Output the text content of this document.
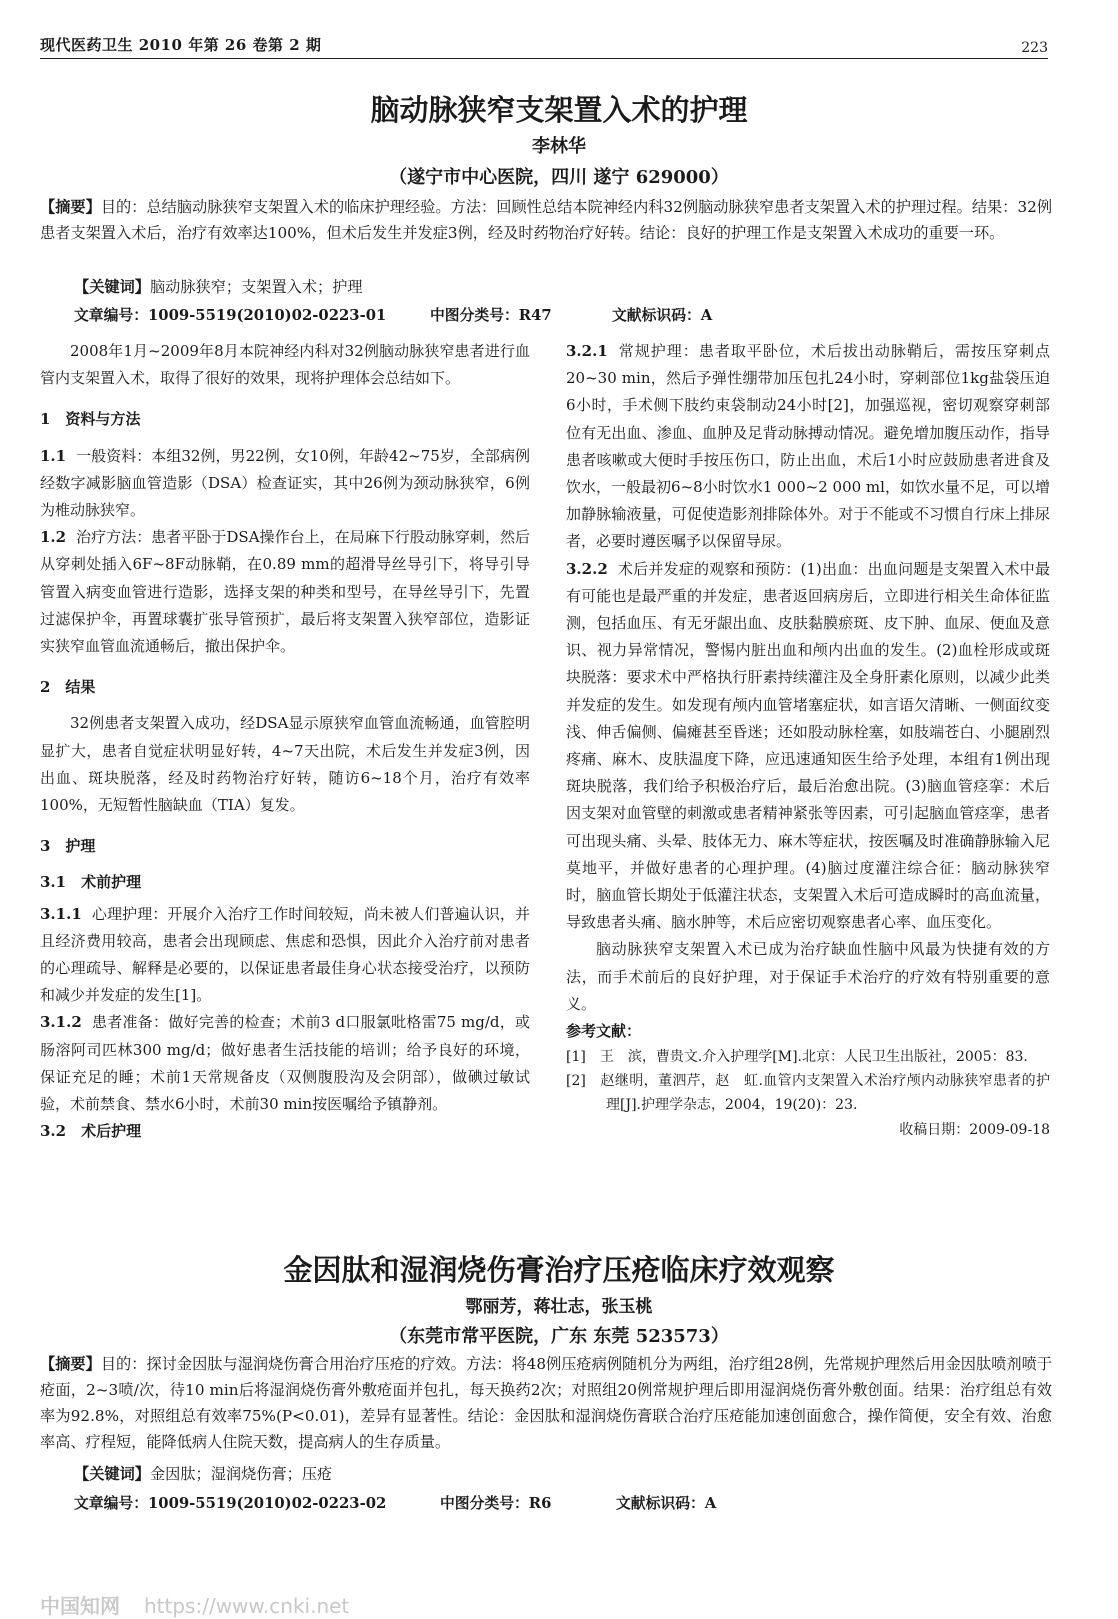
现代医药卫生 2010 年第 26 卷第 2 期	223
脑动脉狭窄支架置入术的护理
李林华
（遂宁市中心医院，四川 遂宁 629000）
【摘要】目的：总结脑动脉狭窄支架置入术的临床护理经验。方法：回顾性总结本院神经内科32例脑动脉狭窄患者支架置入术的护理过程。结果：32例患者支架置入术后，治疗有效率达100%，但术后发生并发症3例，经及时药物治疗好转。结论：良好的护理工作是支架置入术成功的重要一环。
【关键词】脑动脉狭窄；支架置入术；护理
文章编号：1009-5519(2010)02-0223-01	中图分类号：R47	文献标识码：A

2008年1月~2009年8月本院神经内科对32例脑动脉狭窄患者进行血管内支架置入术，取得了很好的效果，现将护理体会总结如下。

1　资料与方法

1.1 一般资料：本组32例，男22例，女10例，年龄42~75岁，全部病例经数字减影脑血管造影（DSA）检查证实，其中26例为颈动脉狭窄，6例为椎动脉狭窄。

1.2 治疗方法：患者平卧于DSA操作台上，在局麻下行股动脉穿刺，然后从穿刺处插入6F~8F动脉鞘，在0.89 mm的超滑导丝导引下，将导引导管置入病变血管进行造影，选择支架的种类和型号，在导丝导引下，先置过滤保护伞，再置球囊扩张导管预扩，最后将支架置入狭窄部位，造影证实狭窄血管血流通畅后，撤出保护伞。

2　结果

32例患者支架置入成功，经DSA显示原狭窄血管血流畅通，血管腔明显扩大，患者自觉症状明显好转，4~7天出院，术后发生并发症3例，因出血、斑块脱落，经及时药物治疗好转，随访6~18个月，治疗有效率100%，无短暂性脑缺血（TIA）复发。

3　护理

3.1　术前护理

3.1.1 心理护理：开展介入治疗工作时间较短，尚未被人们普遍认识，并且经济费用较高，患者会出现顾虑、焦虑和恐惧，因此介入治疗前对患者的心理疏导、解释是必要的，以保证患者最佳身心状态接受治疗，以预防和减少并发症的发生[1]。

3.1.2 患者准备：做好完善的检查；术前3 d口服氯吡格雷75 mg/d，或肠溶阿司匹林300 mg/d；做好患者生活技能的培训；给予良好的环境，保证充足的睡；术前1天常规备皮（双侧腹股沟及会阴部），做碘过敏试验，术前禁食、禁水6小时，术前30 min按医嘱给予镇静剂。

3.2　术后护理

3.2.1 常规护理：患者取平卧位，术后拔出动脉鞘后，需按压穿刺点20~30 min，然后予弹性绷带加压包扎24小时，穿刺部位1kg盐袋压迫6小时，手术侧下肢约束袋制动24小时[2]，加强巡视，密切观察穿刺部位有无出血、渗血、血肿及足背动脉搏动情况。避免增加腹压动作，指导患者咳嗽或大便时手按压伤口，防止出血，术后1小时应鼓励患者进食及饮水，一般最初6~8小时饮水1 000~2 000 ml，如饮水量不足，可以增加静脉输液量，可促使造影剂排除体外。对于不能或不习惯自行床上排尿者，必要时遵医嘱予以保留导尿。

3.2.2 术后并发症的观察和预防：(1)出血：出血问题是支架置入术中最有可能也是最严重的并发症，患者返回病房后，立即进行相关生命体征监测，包括血压、有无牙龈出血、皮肤黏膜瘀斑、皮下肿、血尿、便血及意识、视力异常情况，警惕内脏出血和颅内出血的发生。(2)血栓形成或斑块脱落：要求术中严格执行肝素持续灌注及全身肝素化原则，以减少此类并发症的发生。如发现有颅内血管堵塞症状，如言语欠清晰、一侧面纹变浅、伸舌偏侧、偏瘫甚至昏迷；还如股动脉栓塞，如肢端苍白、小腿剧烈疼痛、麻木、皮肤温度下降，应迅速通知医生给予处理，本组有1例出现斑块脱落，我们给予积极治疗后，最后治愈出院。(3)脑血管痉挛：术后因支架对血管壁的刺激或患者精神紧张等因素，可引起脑血管痉挛，患者可出现头痛、头晕、肢体无力、麻木等症状，按医嘱及时准确静脉输入尼莫地平，并做好患者的心理护理。(4)脑过度灌注综合征：脑动脉狭窄时，脑血管长期处于低灌注状态，支架置入术后可造成瞬时的高血流量，导致患者头痛、脑水肿等，术后应密切观察患者心率、血压变化。

脑动脉狭窄支架置入术已成为治疗缺血性脑中风最为快捷有效的方法，而手术前后的良好护理，对于保证手术治疗的疗效有特别重要的意义。

参考文献：

[1]　王　滨，曹贵文.介入护理学[M].北京：人民卫生出版社，2005：83.

[2]　赵继明，董泗芹，赵　虹.血管内支架置入术治疗颅内动脉狭窄患者的护理[J].护理学杂志，2004，19(20)：23.

收稿日期：2009-09-18

金因肽和湿润烧伤膏治疗压疮临床疗效观察
鄂丽芳，蒋壮志，张玉桃
（东莞市常平医院，广东 东莞 523573）
【摘要】目的：探讨金因肽与湿润烧伤膏合用治疗压疮的疗效。方法：将48例压疮病例随机分为两组，治疗组28例，先常规护理然后用金因肽喷剂喷于疮面，2~3喷/次，待10 min后将湿润烧伤膏外敷疮面并包扎，每天换药2次；对照组20例常规护理后即用湿润烧伤膏外敷创面。结果：治疗组总有效率为92.8%，对照组总有效率75%(P<0.01)，差异有显著性。结论：金因肽和湿润烧伤膏联合治疗压疮能加速创面愈合，操作简便，安全有效、治愈率高、疗程短，能降低病人住院天数，提高病人的生存质量。
【关键词】金因肽；湿润烧伤膏；压疮
文章编号：1009-5519(2010)02-0223-02	中图分类号：R6	文献标识码：A
中国知网 https://www.cnki.net
